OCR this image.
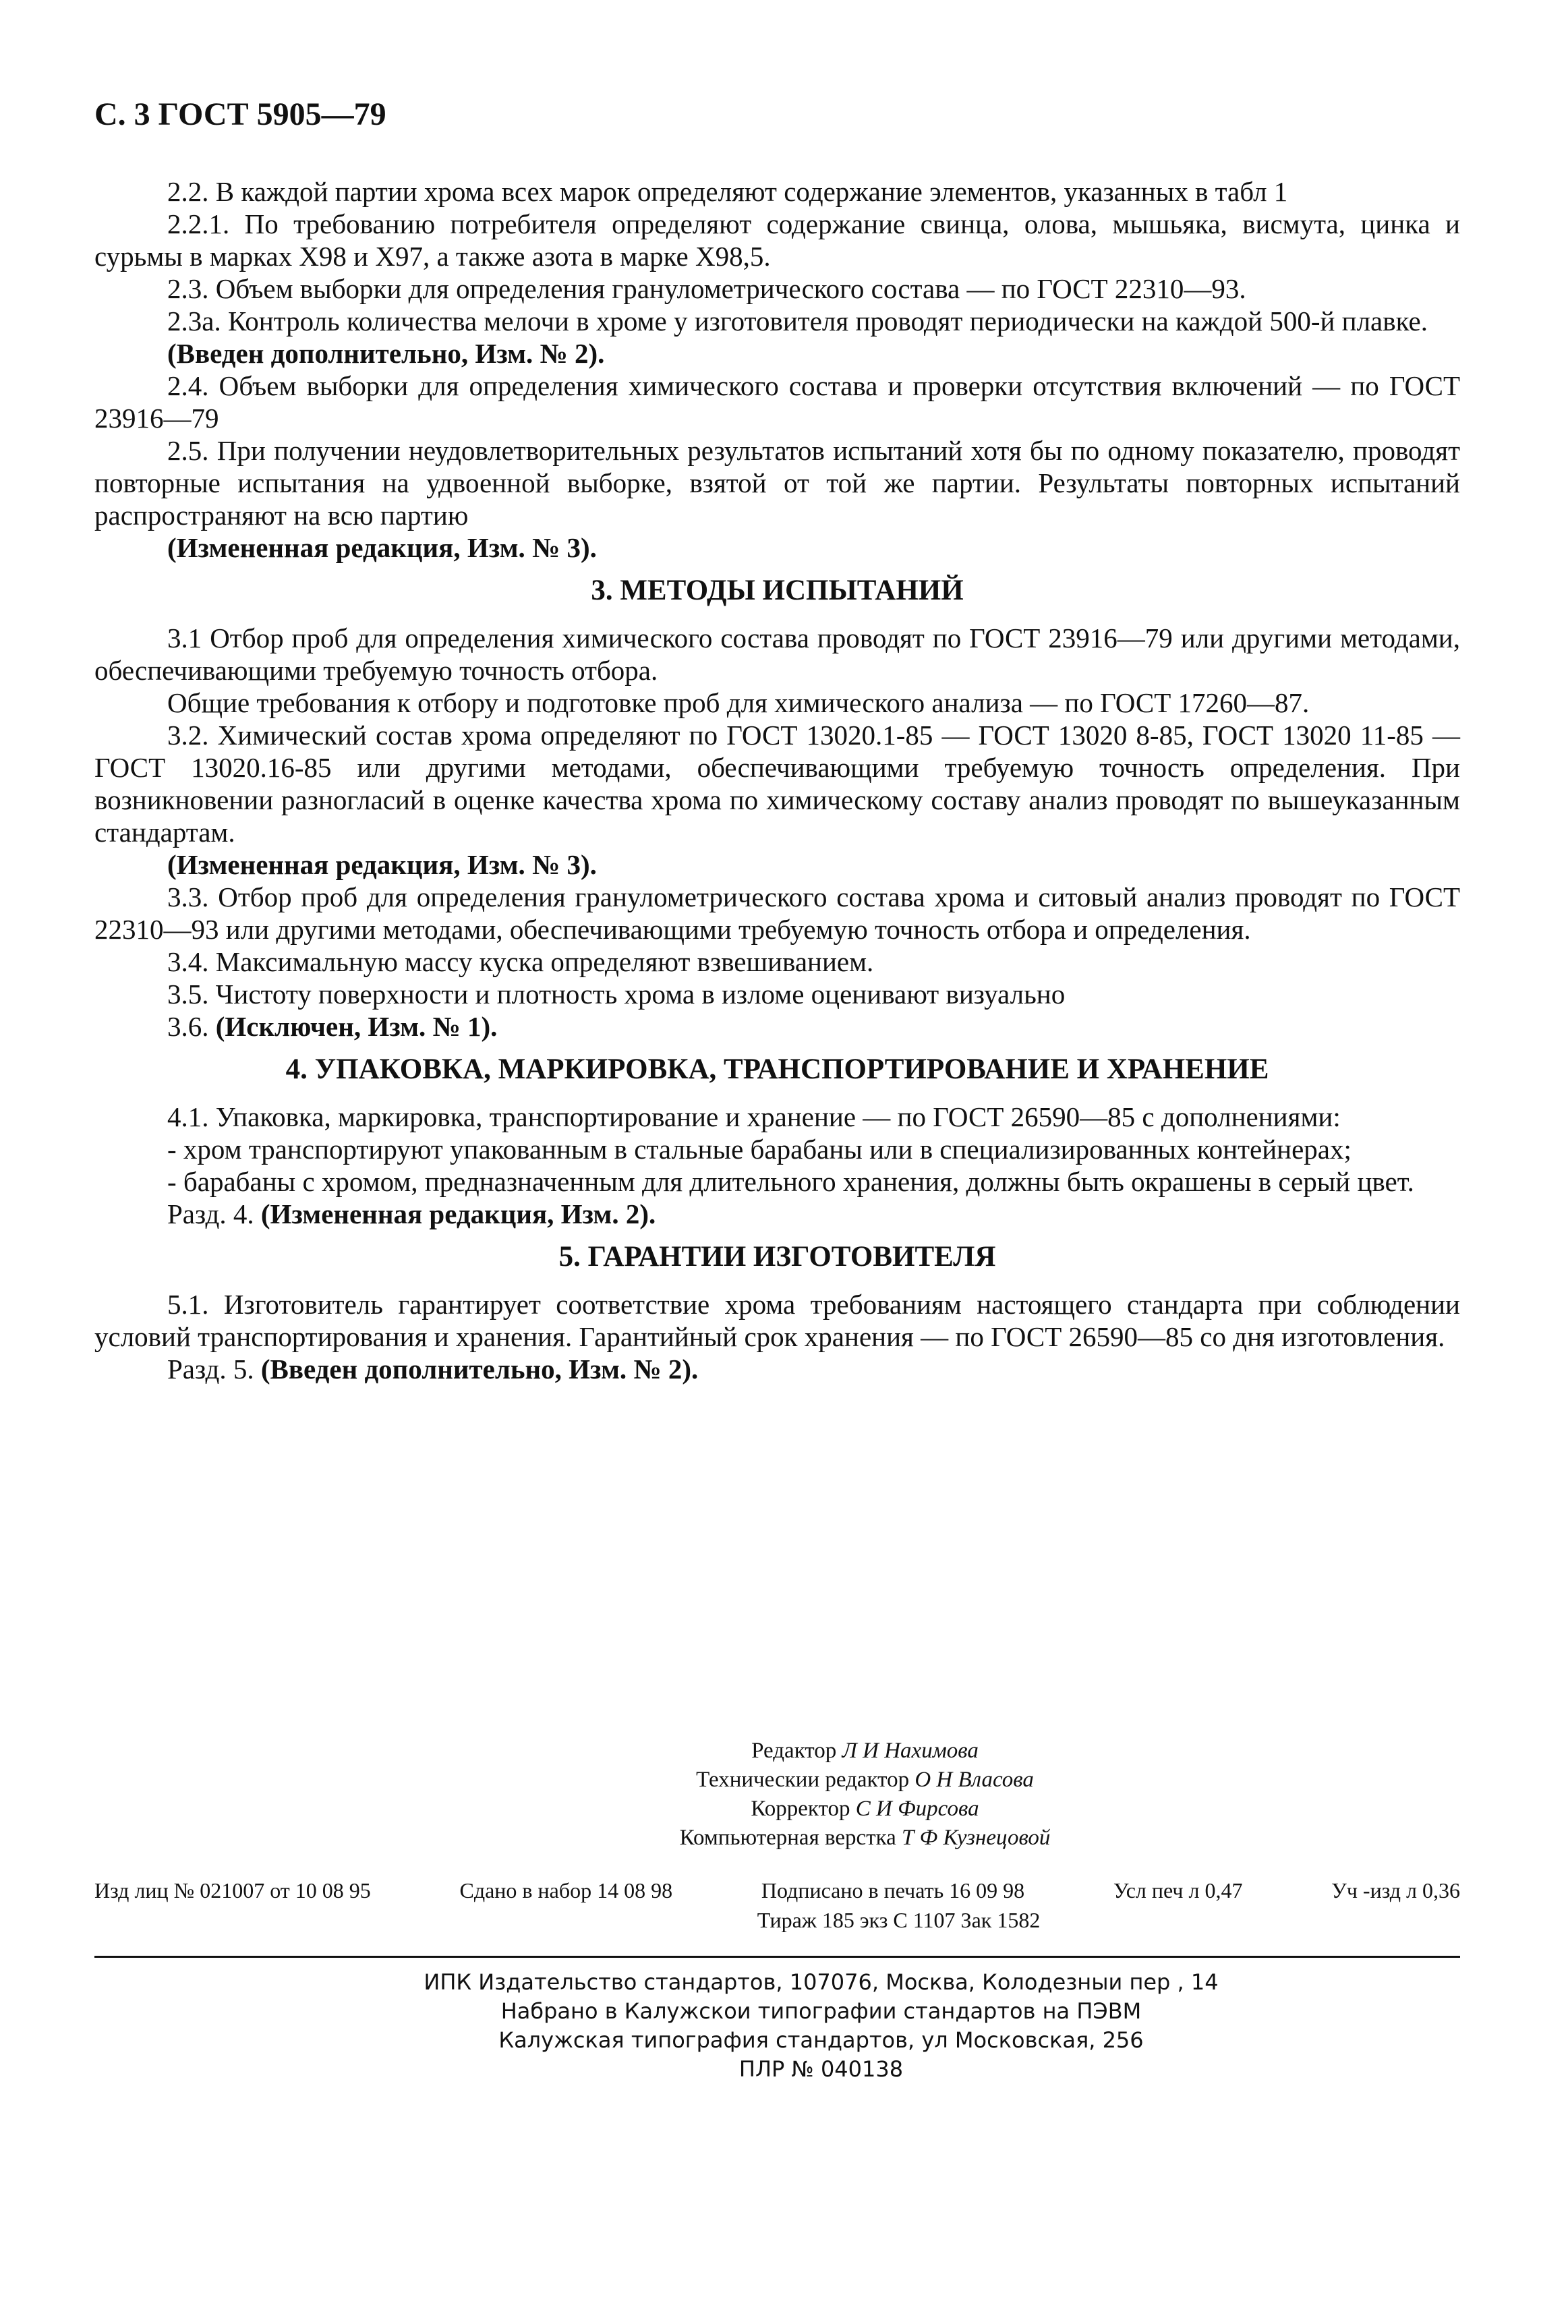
С. 3 ГОСТ 5905—79

2.2. В каждой партии хрома всех марок определяют содержание элементов, указанных в табл 1

2.2.1. По требованию потребителя определяют содержание свинца, олова, мышьяка, висмута, цинка и сурьмы в марках Х98 и Х97, а также азота в марке Х98,5.

2.3. Объем выборки для определения гранулометрического состава — по ГОСТ 22310—93.

2.3а. Контроль количества мелочи в хроме у изготовителя проводят периодически на каждой 500-й плавке.

(Введен дополнительно, Изм. № 2).

2.4. Объем выборки для определения химического состава и проверки отсутствия включений — по ГОСТ 23916—79

2.5. При получении неудовлетворительных результатов испытаний хотя бы по одному показателю, проводят повторные испытания на удвоенной выборке, взятой от той же партии. Результаты повторных испытаний распространяют на всю партию

(Измененная редакция, Изм. № 3).

3. МЕТОДЫ ИСПЫТАНИЙ

3.1 Отбор проб для определения химического состава проводят по ГОСТ 23916—79 или другими методами, обеспечивающими требуемую точность отбора.

Общие требования к отбору и подготовке проб для химического анализа — по ГОСТ 17260—87.

3.2. Химический состав хрома определяют по ГОСТ 13020.1-85 — ГОСТ 13020 8-85, ГОСТ 13020 11-85 — ГОСТ 13020.16-85 или другими методами, обеспечивающими требуемую точность определения. При возникновении разногласий в оценке качества хрома по химическому составу анализ проводят по вышеуказанным стандартам.

(Измененная редакция, Изм. № 3).

3.3. Отбор проб для определения гранулометрического состава хрома и ситовый анализ проводят по ГОСТ 22310—93 или другими методами, обеспечивающими требуемую точность отбора и определения.

3.4. Максимальную массу куска определяют взвешиванием.

3.5. Чистоту поверхности и плотность хрома в изломе оценивают визуально

3.6. (Исключен, Изм. № 1).

4. УПАКОВКА, МАРКИРОВКА, ТРАНСПОРТИРОВАНИЕ И ХРАНЕНИЕ

4.1. Упаковка, маркировка, транспортирование и хранение — по ГОСТ 26590—85 с дополнениями:

- хром транспортируют упакованным в стальные барабаны или в специализированных контейнерах;

- барабаны с хромом, предназначенным для длительного хранения, должны быть окрашены в серый цвет.

Разд. 4. (Измененная редакция, Изм. 2).

5. ГАРАНТИИ ИЗГОТОВИТЕЛЯ

5.1. Изготовитель гарантирует соответствие хрома требованиям настоящего стандарта при соблюдении условий транспортирования и хранения. Гарантийный срок хранения — по ГОСТ 26590—85 со дня изготовления.

Разд. 5. (Введен дополнительно, Изм. № 2).

Редактор Л И Нахимова
Техническии редактор О Н Власова
Корректор С И Фирсова
Компьютерная верстка Т Ф Кузнецовой
Изд лиц № 021007 от 10 08 95	Сдано в набор 14 08 98	Подписано в печать 16 09 98	Усл печ л 0,47	Уч -изд л 0,36
Тираж 185 экз С 1107 Зак 1582
ИПК Издательство стандартов, 107076, Москва, Колодезныи пер , 14
Набрано в Калужскои типографии стандартов на ПЭВМ
Калужская типография стандартов, ул Московская, 256
ПЛР № 040138
